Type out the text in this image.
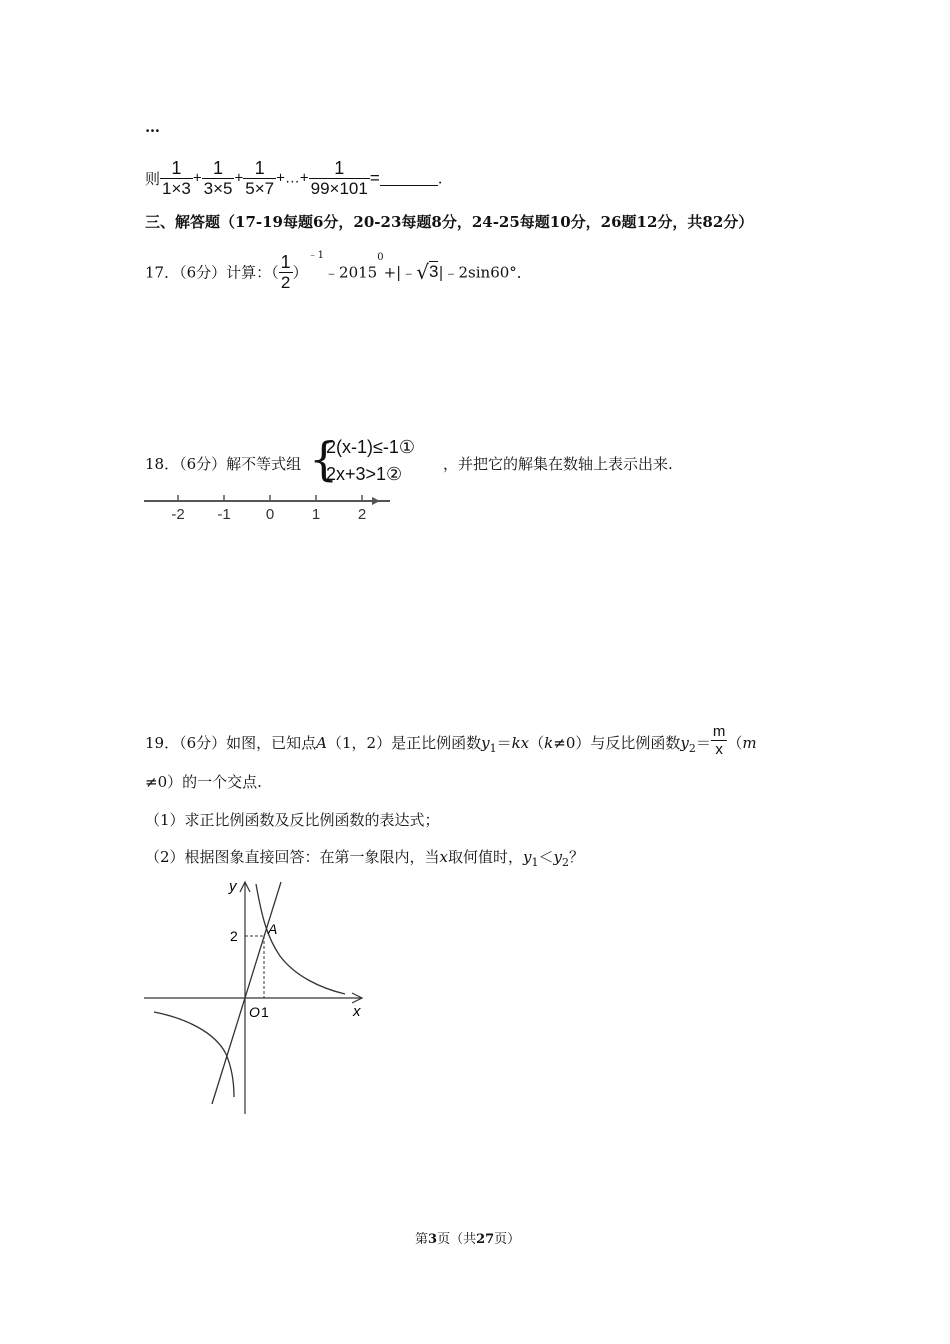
…
则 $\frac{1}{1\times 3} + \frac{1}{3\times 5} + \frac{1}{5\times 7}$ +…+ $\frac{1}{99\times 101}$ =	.
三、解答题（17-19每题6分，20-23每题8分，24-25每题10分，26题12分，共82分）
17．（6分）计算：（ $\frac{1}{2}$ ）$^{﹣1}﹣2015^0+|﹣√3|﹣2\sin 60^\circ$．
18．（6分）解不等式组 {
2(x-1)≤-1①
2x+3>1②	，并把它的解集在数轴上表示出来.
-2 -1 0	1	2
19．（6分）如图，已知点A（1，2）是正比例函数$y_1=kx(k\ne 0)$与反比例函数$y_2= \frac{m}{x} (m$
≠0）的一个交点.
（1）求正比例函数及反比例函数的表达式；
（2）根据图象直接回答：在第一象限内，当x取何值时，$y_1<y_2$？
y
x
O 1
2 A
第3页（共27页）
